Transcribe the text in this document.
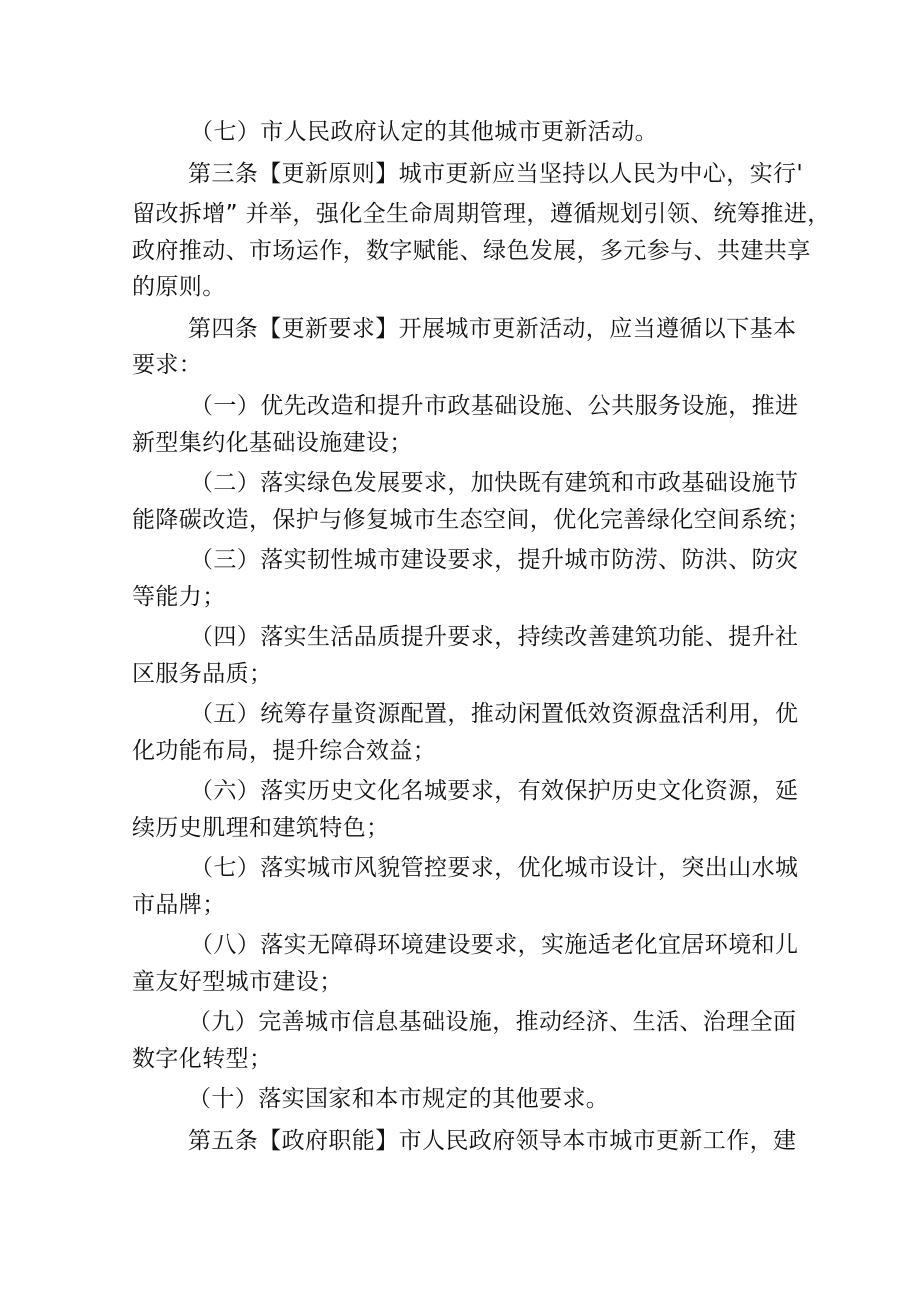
（七）市人民政府认定的其他城市更新活动。
第三条【更新原则】城市更新应当坚持以人民为中心，实行'
留改拆增” 并举，强化全生命周期管理，遵循规划引领、统筹推进，
政府推动、市场运作，数字赋能、绿色发展，多元参与、共建共享
的原则。
第四条【更新要求】开展城市更新活动，应当遵循以下基本
要求：
（一）优先改造和提升市政基础设施、公共服务设施，推进
新型集约化基础设施建设；
（二）落实绿色发展要求，加快既有建筑和市政基础设施节
能降碳改造，保护与修复城市生态空间，优化完善绿化空间系统；
（三）落实韧性城市建设要求，提升城市防涝、防洪、防灾
等能力；
（四）落实生活品质提升要求，持续改善建筑功能、提升社
区服务品质；
（五）统筹存量资源配置，推动闲置低效资源盘活利用，优
化功能布局，提升综合效益；
（六）落实历史文化名城要求，有效保护历史文化资源，延
续历史肌理和建筑特色；
（七）落实城市风貌管控要求，优化城市设计，突出山水城
市品牌；
（八）落实无障碍环境建设要求，实施适老化宜居环境和儿
童友好型城市建设；
（九）完善城市信息基础设施，推动经济、生活、治理全面
数字化转型；
（十）落实国家和本市规定的其他要求。
第五条【政府职能】市人民政府领导本市城市更新工作，建
